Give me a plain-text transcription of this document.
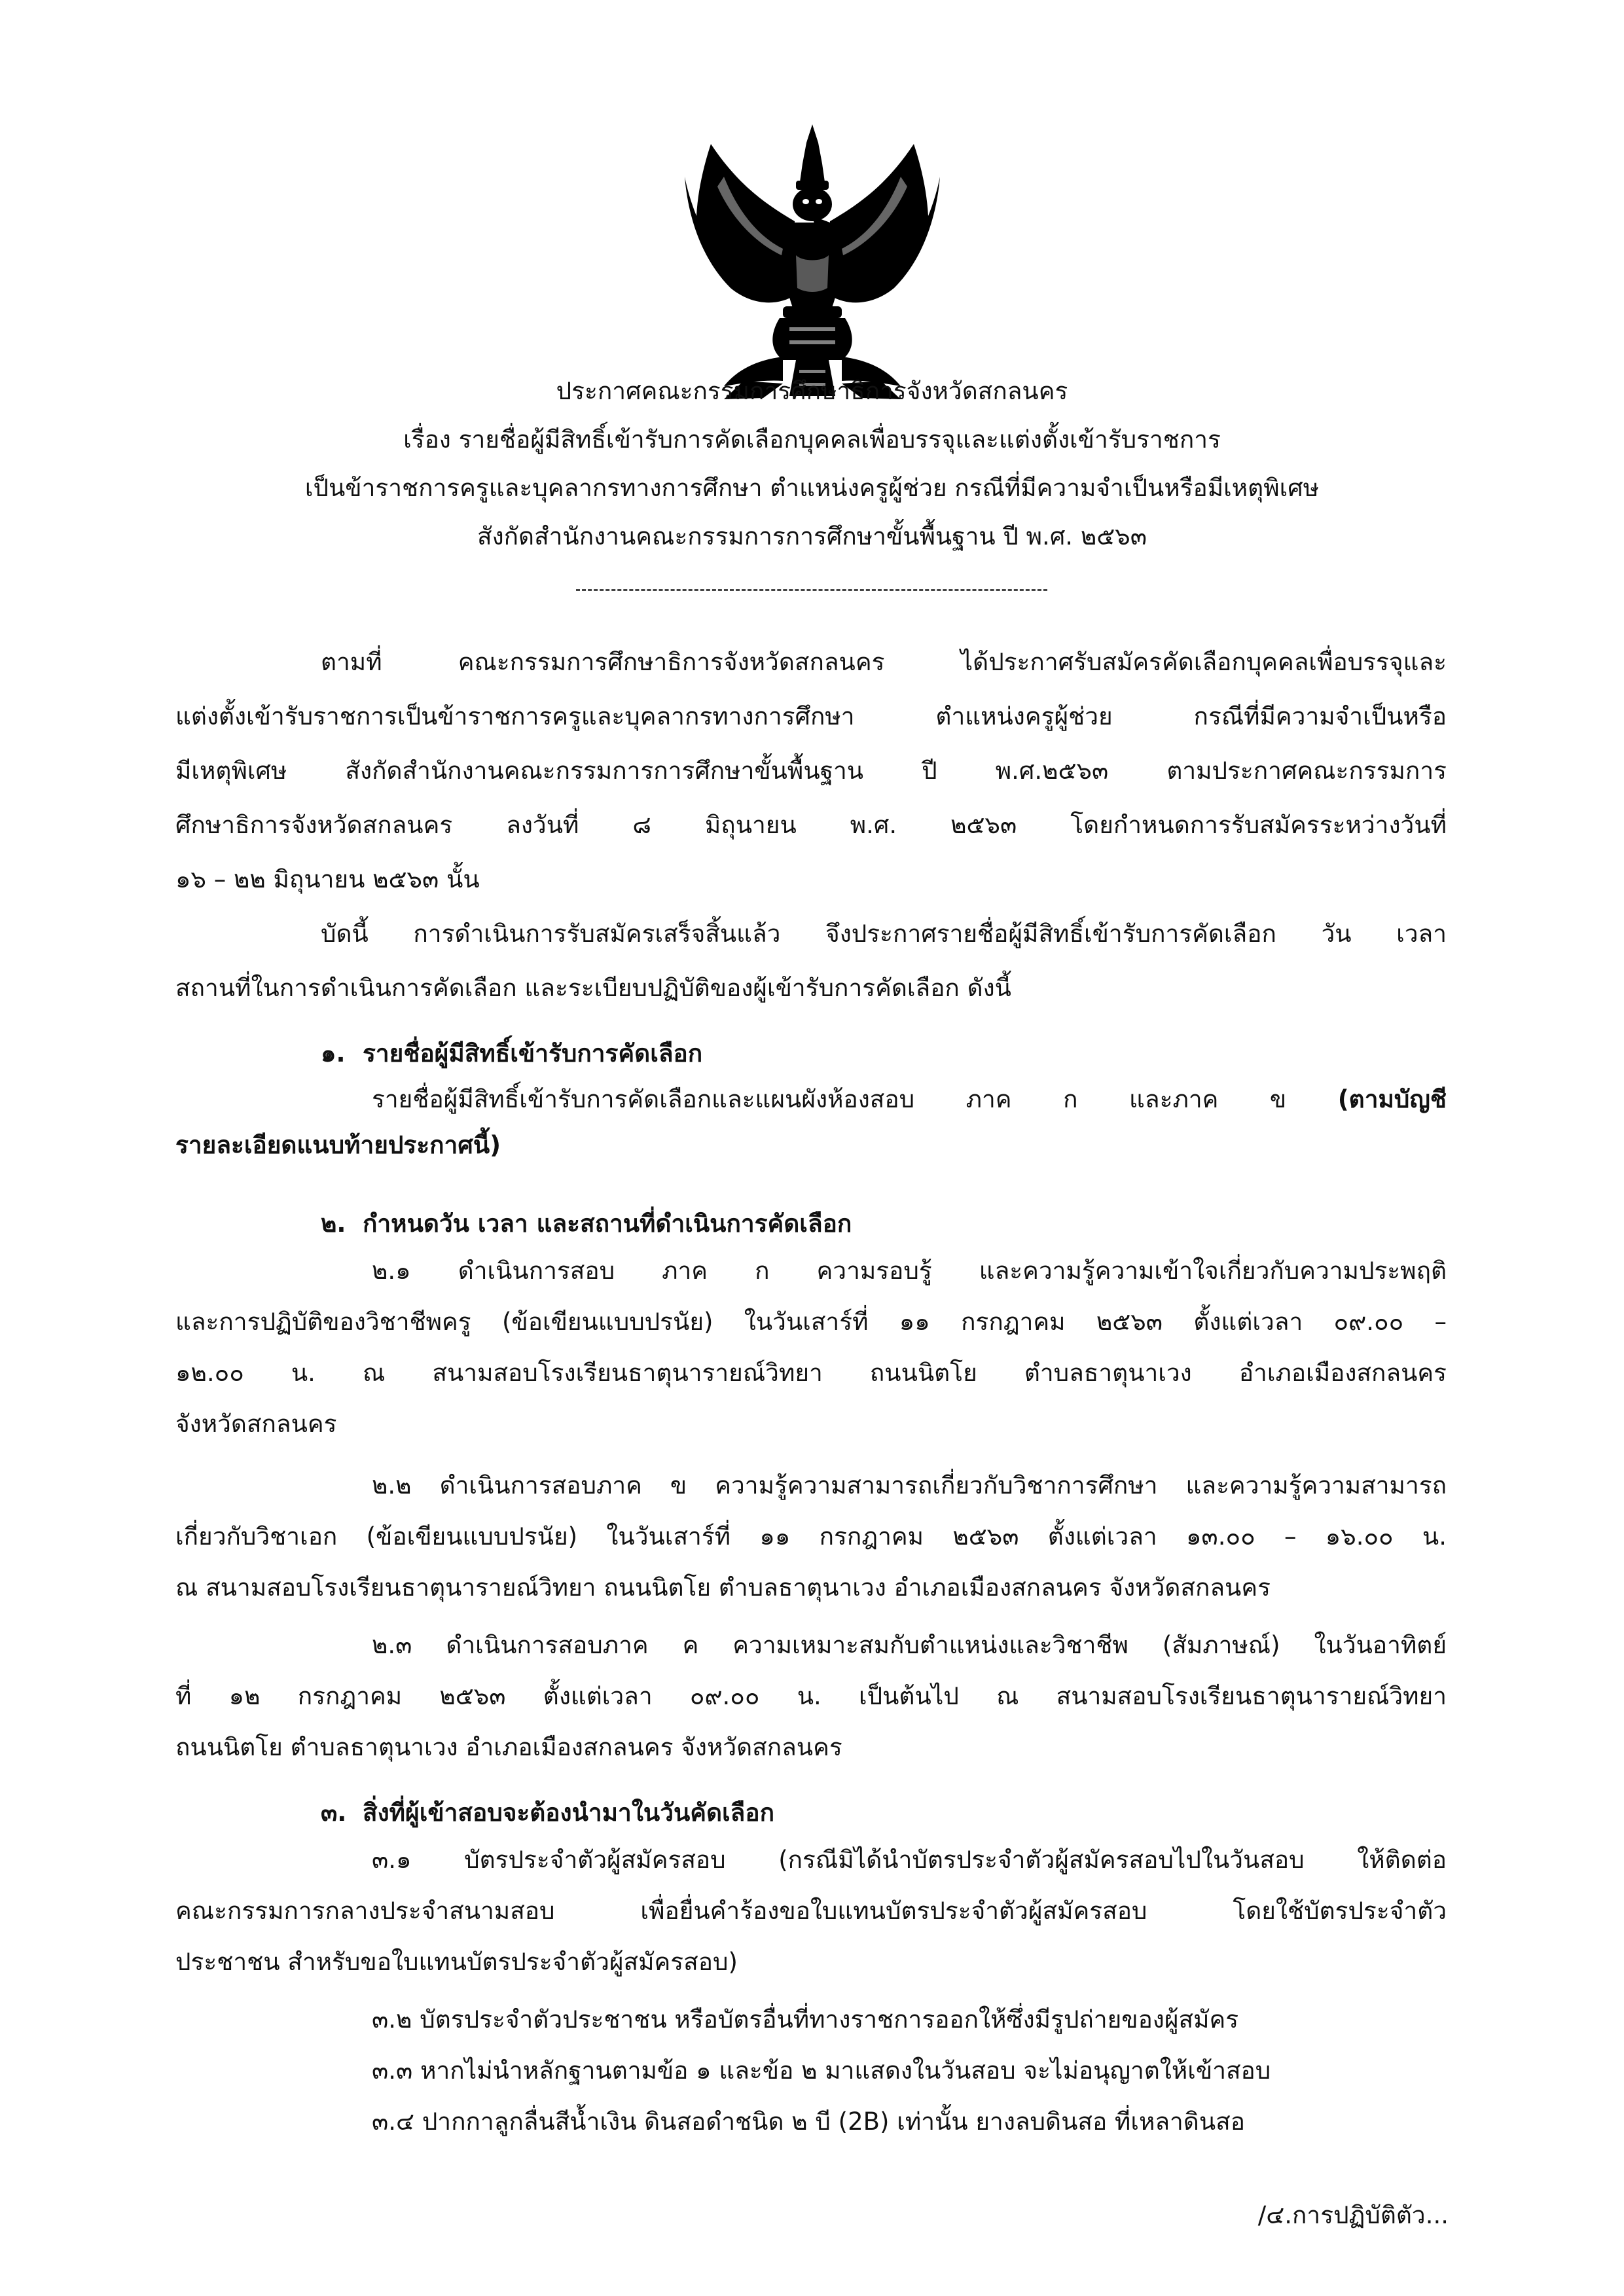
ประกาศคณะกรรมการศึกษาธิการจังหวัดสกลนคร
เรื่อง รายชื่อผู้มีสิทธิ์เข้ารับการคัดเลือกบุคคลเพื่อบรรจุและแต่งตั้งเข้ารับราชการ
เป็นข้าราชการครูและบุคลากรทางการศึกษา ตำแหน่งครูผู้ช่วย กรณีที่มีความจำเป็นหรือมีเหตุพิเศษ
สังกัดสำนักงานคณะกรรมการการศึกษาขั้นพื้นฐาน ปี พ.ศ. ๒๕๖๓
ตามที่ คณะกรรมการศึกษาธิการจังหวัดสกลนคร ได้ประกาศรับสมัครคัดเลือกบุคคลเพื่อบรรจุและ
แต่งตั้งเข้ารับราชการเป็นข้าราชการครูและบุคลากรทางการศึกษา ตำแหน่งครูผู้ช่วย กรณีที่มีความจำเป็นหรือ
มีเหตุพิเศษ สังกัดสำนักงานคณะกรรมการการศึกษาขั้นพื้นฐาน ปี พ.ศ.๒๕๖๓ ตามประกาศคณะกรรมการ
ศึกษาธิการจังหวัดสกลนคร ลงวันที่ ๘ มิถุนายน พ.ศ. ๒๕๖๓ โดยกำหนดการรับสมัครระหว่างวันที่
๑๖ – ๒๒ มิถุนายน ๒๕๖๓ นั้น
บัดนี้ การดำเนินการรับสมัครเสร็จสิ้นแล้ว จึงประกาศรายชื่อผู้มีสิทธิ์เข้ารับการคัดเลือก วัน เวลา
สถานที่ในการดำเนินการคัดเลือก และระเบียบปฏิบัติของผู้เข้ารับการคัดเลือก ดังนี้
๑. รายชื่อผู้มีสิทธิ์เข้ารับการคัดเลือก
รายชื่อผู้มีสิทธิ์เข้ารับการคัดเลือกและแผนผังห้องสอบ ภาค ก และภาค ข (ตามบัญชี
รายละเอียดแนบท้ายประกาศนี้)
๒. กำหนดวัน เวลา และสถานที่ดำเนินการคัดเลือก
๒.๑ ดำเนินการสอบ ภาค ก ความรอบรู้ และความรู้ความเข้าใจเกี่ยวกับความประพฤติ
และการปฏิบัติของวิชาชีพครู (ข้อเขียนแบบปรนัย) ในวันเสาร์ที่ ๑๑ กรกฎาคม ๒๕๖๓ ตั้งแต่เวลา ๐๙.๐๐ –
๑๒.๐๐ น. ณ สนามสอบโรงเรียนธาตุนารายณ์วิทยา ถนนนิตโย ตำบลธาตุนาเวง อำเภอเมืองสกลนคร
จังหวัดสกลนคร
๒.๒ ดำเนินการสอบภาค ข ความรู้ความสามารถเกี่ยวกับวิชาการศึกษา และความรู้ความสามารถ
เกี่ยวกับวิชาเอก (ข้อเขียนแบบปรนัย) ในวันเสาร์ที่ ๑๑ กรกฎาคม ๒๕๖๓ ตั้งแต่เวลา ๑๓.๐๐ – ๑๖.๐๐ น.
ณ สนามสอบโรงเรียนธาตุนารายณ์วิทยา ถนนนิตโย ตำบลธาตุนาเวง อำเภอเมืองสกลนคร จังหวัดสกลนคร
๒.๓ ดำเนินการสอบภาค ค ความเหมาะสมกับตำแหน่งและวิชาชีพ (สัมภาษณ์) ในวันอาทิตย์
ที่ ๑๒ กรกฎาคม ๒๕๖๓ ตั้งแต่เวลา ๐๙.๐๐ น. เป็นต้นไป ณ สนามสอบโรงเรียนธาตุนารายณ์วิทยา
ถนนนิตโย ตำบลธาตุนาเวง อำเภอเมืองสกลนคร จังหวัดสกลนคร
๓. สิ่งที่ผู้เข้าสอบจะต้องนำมาในวันคัดเลือก
๓.๑ บัตรประจำตัวผู้สมัครสอบ (กรณีมิได้นำบัตรประจำตัวผู้สมัครสอบไปในวันสอบ ให้ติดต่อ
คณะกรรมการกลางประจำสนามสอบ เพื่อยื่นคำร้องขอใบแทนบัตรประจำตัวผู้สมัครสอบ โดยใช้บัตรประจำตัว
ประชาชน สำหรับขอใบแทนบัตรประจำตัวผู้สมัครสอบ)
๓.๒ บัตรประจำตัวประชาชน หรือบัตรอื่นที่ทางราชการออกให้ซึ่งมีรูปถ่ายของผู้สมัคร
๓.๓ หากไม่นำหลักฐานตามข้อ ๑ และข้อ ๒ มาแสดงในวันสอบ จะไม่อนุญาตให้เข้าสอบ
๓.๔ ปากกาลูกลื่นสีน้ำเงิน ดินสอดำชนิด ๒ บี (2B) เท่านั้น ยางลบดินสอ ที่เหลาดินสอ
/๔.การปฏิบัติตัว...
